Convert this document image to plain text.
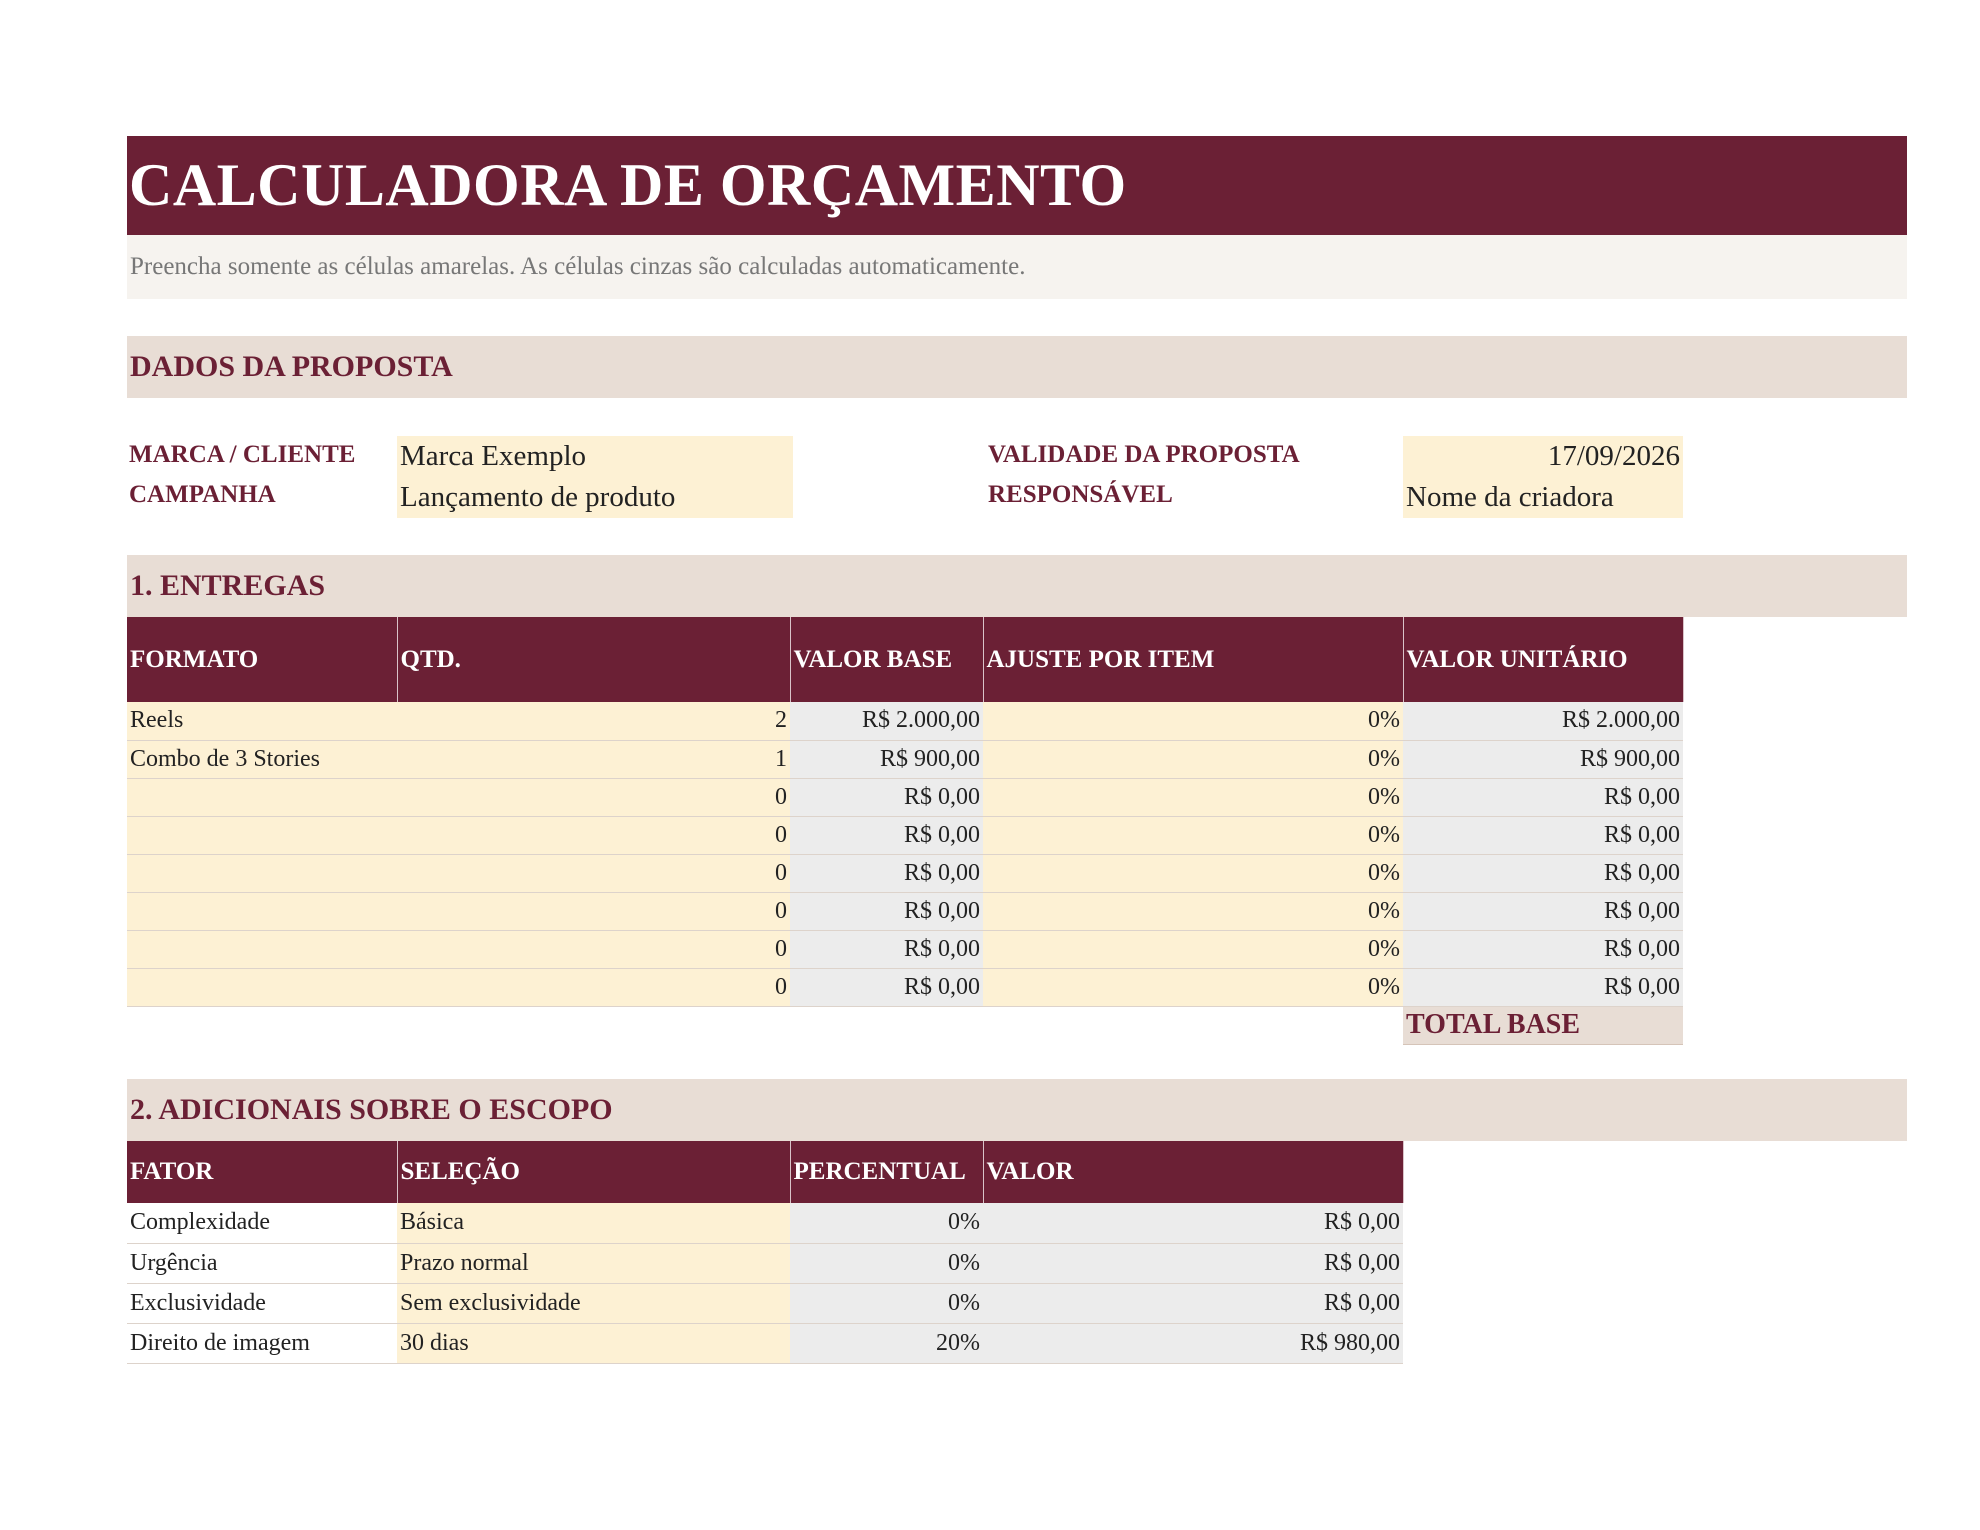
CALCULADORA DE ORÇAMENTO
Preencha somente as células amarelas. As células cinzas são calculadas automaticamente.
DADOS DA PROPOSTA
MARCA / CLIENTE Marca Exemplo
CAMPANHA	Lançamento de produto
VALIDADE DA PROPOSTA	17/09/2026
RESPONSÁVEL	Nome da criadora
1. ENTREGAS
FORMATO	QTD.	VALOR BASE	AJUSTE POR ITEM	VALOR UNITÁRIO
Reels	2	R$ 2.000,00	0%	R$ 2.000,00
Combo de 3 Stories	1	R$ 900,00	0%	R$ 900,00
	0	R$ 0,00	0%	R$ 0,00
	0	R$ 0,00	0%	R$ 0,00
	0	R$ 0,00	0%	R$ 0,00
	0	R$ 0,00	0%	R$ 0,00
	0	R$ 0,00	0%	R$ 0,00
	0	R$ 0,00	0%	R$ 0,00
				TOTAL BASE
2. ADICIONAIS SOBRE O ESCOPO
FATOR	SELEÇÃO	PERCENTUAL	VALOR
Complexidade	Básica	0%	R$ 0,00
Urgência	Prazo normal	0%	R$ 0,00
Exclusividade	Sem exclusividade	0%	R$ 0,00
Direito de imagem	30 dias	20%	R$ 980,00
